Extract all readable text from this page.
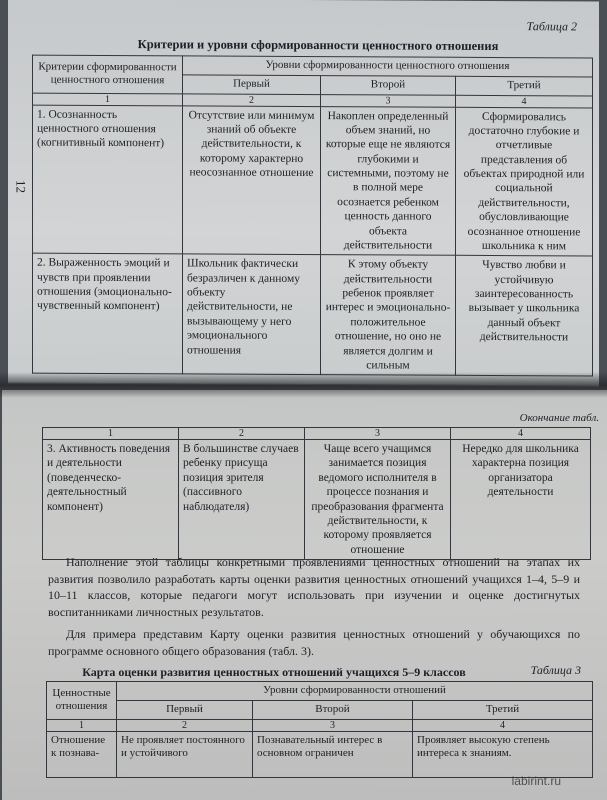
Таблица 2
12
Критерии и уровни сформированности ценностного отношения
Критерии сформированности ценностного отношения	Уровни сформированности ценностного отношения		
	Первый	Второй	Третий
1	2	3	4
1. Осознанность ценностного отношения (когнитивный компонент)	Отсутствие или минимум знаний об объекте действительности, к которому характерно неосознанное отношение	Накоплен определенный объем знаний, но которые еще не являются глубокими и системными, поэтому не в полной мере осознается ребенком ценность данного объекта действительности	Сформировались достаточно глубокие и отчетливые представления об объектах природной или социальной действительности, обусловливающие осознанное отношение школьника к ним
2. Выраженность эмоций и чувств при проявлении отношения (эмоционально-чувственный компонент)	Школьник фактически безразличен к данному объекту действительности, не вызывающему у него эмоционального отношения	К этому объекту действительности ребенок проявляет интерес и эмоционально-положительное отношение, но оно не является долгим и сильным	Чувство любви и устойчивую заинтересованность вызывает у школьника данный объект действительности
Окончание табл.
1	2	3	4
3. Активность поведения и деятельности (поведенческо-деятельностный компонент)	В большинстве случаев ребенку присуща позиция зрителя (пассивного наблюдателя)	Чаще всего учащимся занимается позиция ведомого исполнителя в процессе познания и преобразования фрагмента действительности, к которому проявляется отношение	Нередко для школьника характерна позиция организатора деятельности
Наполнение этой таблицы конкретными проявлениями ценностных отношений на этапах их развития позволило разработать карты оценки развития ценностных отношений учащихся 1–4, 5–9 и 10–11 классов, которые педагоги могут использовать при изучении и оценке достигнутых воспитанниками личностных результатов.
Для примера представим Карту оценки развития ценностных отношений у обучающихся по программе основного общего образования (табл. 3).
Карта оценки развития ценностных отношений учащихся 5–9 классов	Таблица 3
Ценностные отношения	Уровни сформированности отношений		
	Первый	Второй	Третий
1	2	3	4
Отношение к познава-	Не проявляет постоянного и устойчивого	Познавательный интерес в основном ограничен	Проявляет высокую степень интереса к знаниям.
labirint.ru
